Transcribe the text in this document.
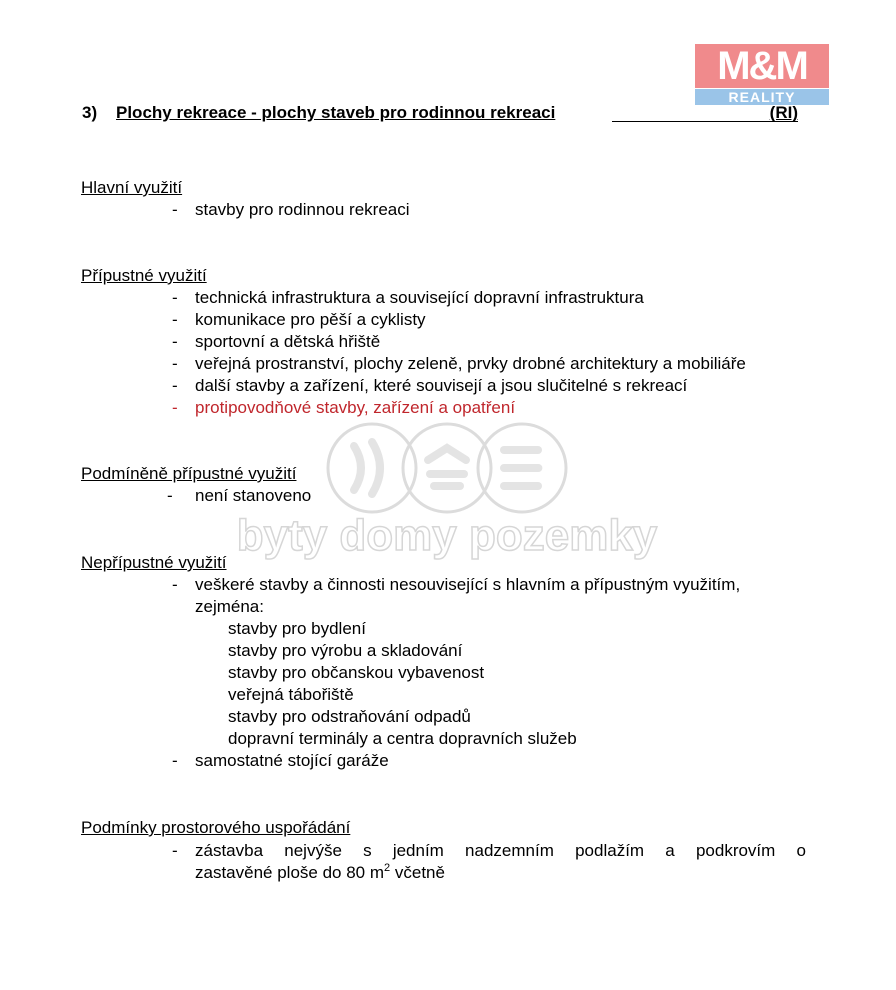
M&M
REALITY
3) Plochy rekreace - plochy staveb pro rodinnou rekreaci	(RI)
byty domy pozemky
Hlavní využití
- stavby pro rodinnou rekreaci
Přípustné využití
- technická infrastruktura a související dopravní infrastruktura
- komunikace pro pěší a cyklisty
- sportovní a dětská hřiště
- veřejná prostranství, plochy zeleně, prvky drobné architektury a mobiliáře
- další stavby a zařízení, které souvisejí a jsou slučitelné s rekreací
- protipovodňové stavby, zařízení a opatření
Podmíněně přípustné využití
- není stanoveno
Nepřípustné využití
- veškeré stavby a činnosti nesouvisející s hlavním a přípustným využitím,
zejména:
stavby pro bydlení
stavby pro výrobu a skladování
stavby pro občanskou vybavenost
veřejná tábořiště
stavby pro odstraňování odpadů
dopravní terminály a centra dopravních služeb
- samostatné stojící garáže
Podmínky prostorového uspořádání
- zástavba nejvýše s jedním nadzemním podlažím a podkrovím o
zastavěné ploše do 80 $m^2$ včetně
